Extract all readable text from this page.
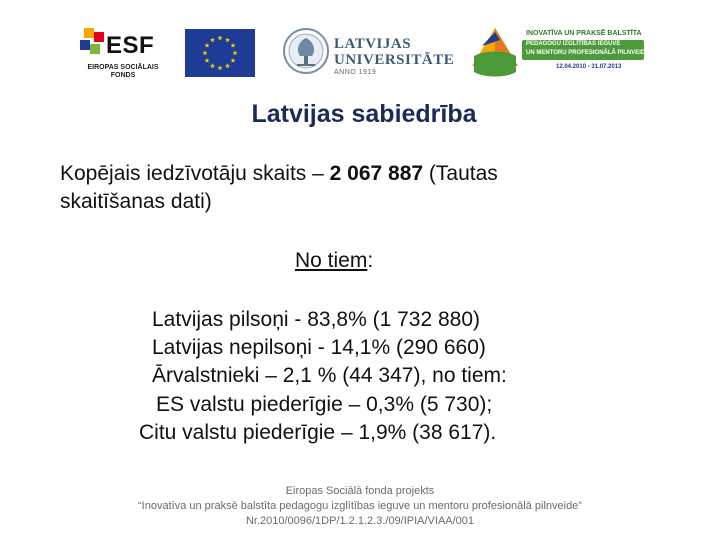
ESF
EIROPAS SOCIĀLAIS
FONDS
LATVIJAS
UNIVERSITĀTE
ANNO 1919
INOVATĪVA UN PRAKSĒ BALSTĪTA
PEDAGOGU IZGLĪTĪBAS IEGUVE
UN MENTORU PROFESIONĀLĀ PILNVEIDE
12.04.2010 - 31.07.2013
Latvijas sabiedrība
Kopējais iedzīvotāju skaits – 2 067 887 (Tautas skaitīšanas dati)
No tiem:
Latvijas pilsoņi - 83,8% (1 732 880)
Latvijas nepilsoņi - 14,1% (290 660)
Ārvalstnieki – 2,1 % (44 347), no tiem:
ES valstu piederīgie – 0,3% (5 730);
Citu valstu piederīgie – 1,9% (38 617).
Eiropas Sociālā fonda projekts
“Inovatīva un praksē balstīta pedagogu izglītības ieguve un mentoru profesionālā pilnveide”
Nr.2010/0096/1DP/1.2.1.2.3./09/IPIA/VIAA/001
